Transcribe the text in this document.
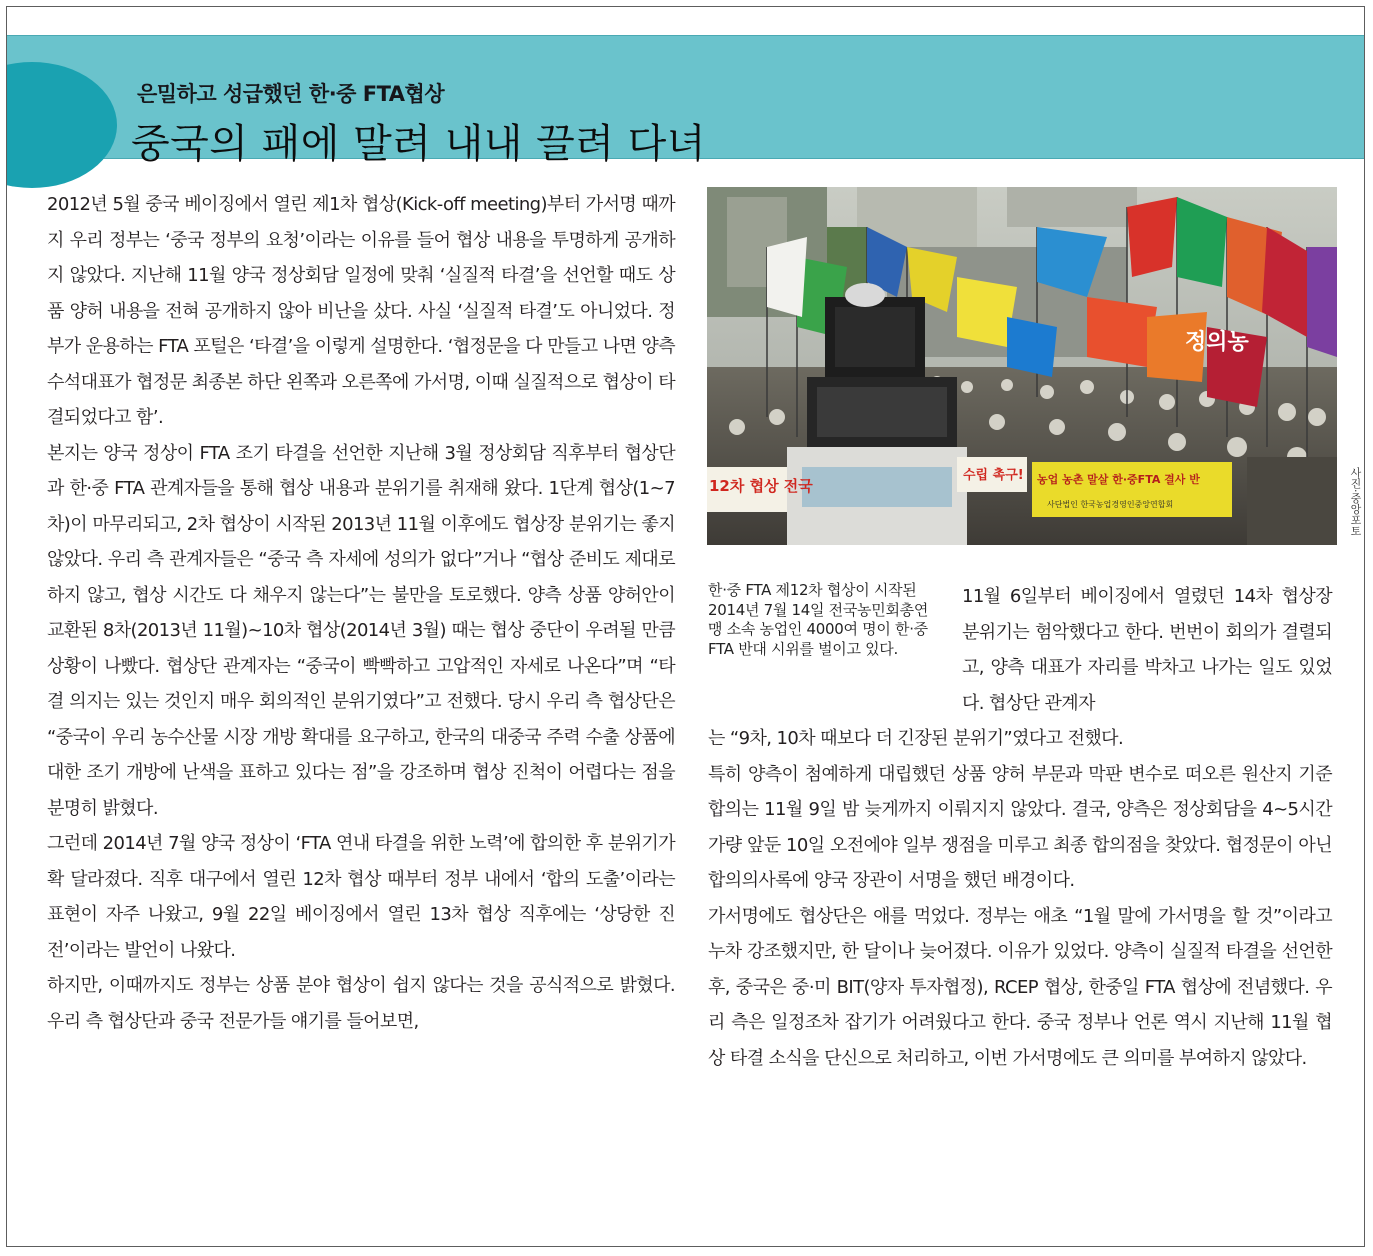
은밀하고 성급했던 한·중 FTA협상
중국의 패에 말려 내내 끌려 다녀

2012년 5월 중국 베이징에서 열린 제1차 협상(Kick-off meeting)부터 가서명 때까지 우리 정부는 ‘중국 정부의 요청’이라는 이유를 들어 협상 내용을 투명하게 공개하지 않았다. 지난해 11월 양국 정상회담 일정에 맞춰 ‘실질적 타결’을 선언할 때도 상품 양허 내용을 전혀 공개하지 않아 비난을 샀다. 사실 ‘실질적 타결’도 아니었다. 정부가 운용하는 FTA 포털은 ‘타결’을 이렇게 설명한다. ‘협정문을 다 만들고 나면 양측 수석대표가 협정문 최종본 하단 왼쪽과 오른쪽에 가서명, 이때 실질적으로 협상이 타결되었다고 함’.

본지는 양국 정상이 FTA 조기 타결을 선언한 지난해 3월 정상회담 직후부터 협상단과 한·중 FTA 관계자들을 통해 협상 내용과 분위기를 취재해 왔다. 1단계 협상(1~7차)이 마무리되고, 2차 협상이 시작된 2013년 11월 이후에도 협상장 분위기는 좋지 않았다. 우리 측 관계자들은 “중국 측 자세에 성의가 없다”거나 “협상 준비도 제대로 하지 않고, 협상 시간도 다 채우지 않는다”는 불만을 토로했다. 양측 상품 양허안이 교환된 8차(2013년 11월)~10차 협상(2014년 3월) 때는 협상 중단이 우려될 만큼 상황이 나빴다. 협상단 관계자는 “중국이 빡빡하고 고압적인 자세로 나온다”며 “타결 의지는 있는 것인지 매우 회의적인 분위기였다”고 전했다. 당시 우리 측 협상단은 “중국이 우리 농수산물 시장 개방 확대를 요구하고, 한국의 대중국 주력 수출 상품에 대한 조기 개방에 난색을 표하고 있다는 점”을 강조하며 협상 진척이 어렵다는 점을 분명히 밝혔다.

그런데 2014년 7월 양국 정상이 ‘FTA 연내 타결을 위한 노력’에 합의한 후 분위기가 확 달라졌다. 직후 대구에서 열린 12차 협상 때부터 정부 내에서 ‘합의 도출’이라는 표현이 자주 나왔고, 9월 22일 베이징에서 열린 13차 협상 직후에는 ‘상당한 진전’이라는 발언이 나왔다.

하지만, 이때까지도 정부는 상품 분야 협상이 쉽지 않다는 것을 공식적으로 밝혔다. 우리 측 협상단과 중국 전문가들 얘기를 들어보면,

정의농
12차 협상 전국
수립 촉구! 농업 농촌 말살 한·중FTA 결사 반
사단법인 한국농업경영인중앙연합회	사진·중앙포토
한·중 FTA 제12차 협상이 시작된 2014년 7월 14일 전국농민회총연맹 소속 농업인 4000여 명이 한·중 FTA 반대 시위를 벌이고 있다.

11월 6일부터 베이징에서 열렸던 14차 협상장 분위기는 험악했다고 한다. 번번이 회의가 결렬되고, 양측 대표가 자리를 박차고 나가는 일도 있었다. 협상단 관계자

는 “9차, 10차 때보다 더 긴장된 분위기”였다고 전했다.

특히 양측이 첨예하게 대립했던 상품 양허 부문과 막판 변수로 떠오른 원산지 기준 합의는 11월 9일 밤 늦게까지 이뤄지지 않았다. 결국, 양측은 정상회담을 4~5시간 가량 앞둔 10일 오전에야 일부 쟁점을 미루고 최종 합의점을 찾았다. 협정문이 아닌 합의의사록에 양국 장관이 서명을 했던 배경이다.

가서명에도 협상단은 애를 먹었다. 정부는 애초 “1월 말에 가서명을 할 것”이라고 누차 강조했지만, 한 달이나 늦어졌다. 이유가 있었다. 양측이 실질적 타결을 선언한 후, 중국은 중·미 BIT(양자 투자협정), RCEP 협상, 한중일 FTA 협상에 전념했다. 우리 측은 일정조차 잡기가 어려웠다고 한다. 중국 정부나 언론 역시 지난해 11월 협상 타결 소식을 단신으로 처리하고, 이번 가서명에도 큰 의미를 부여하지 않았다.
